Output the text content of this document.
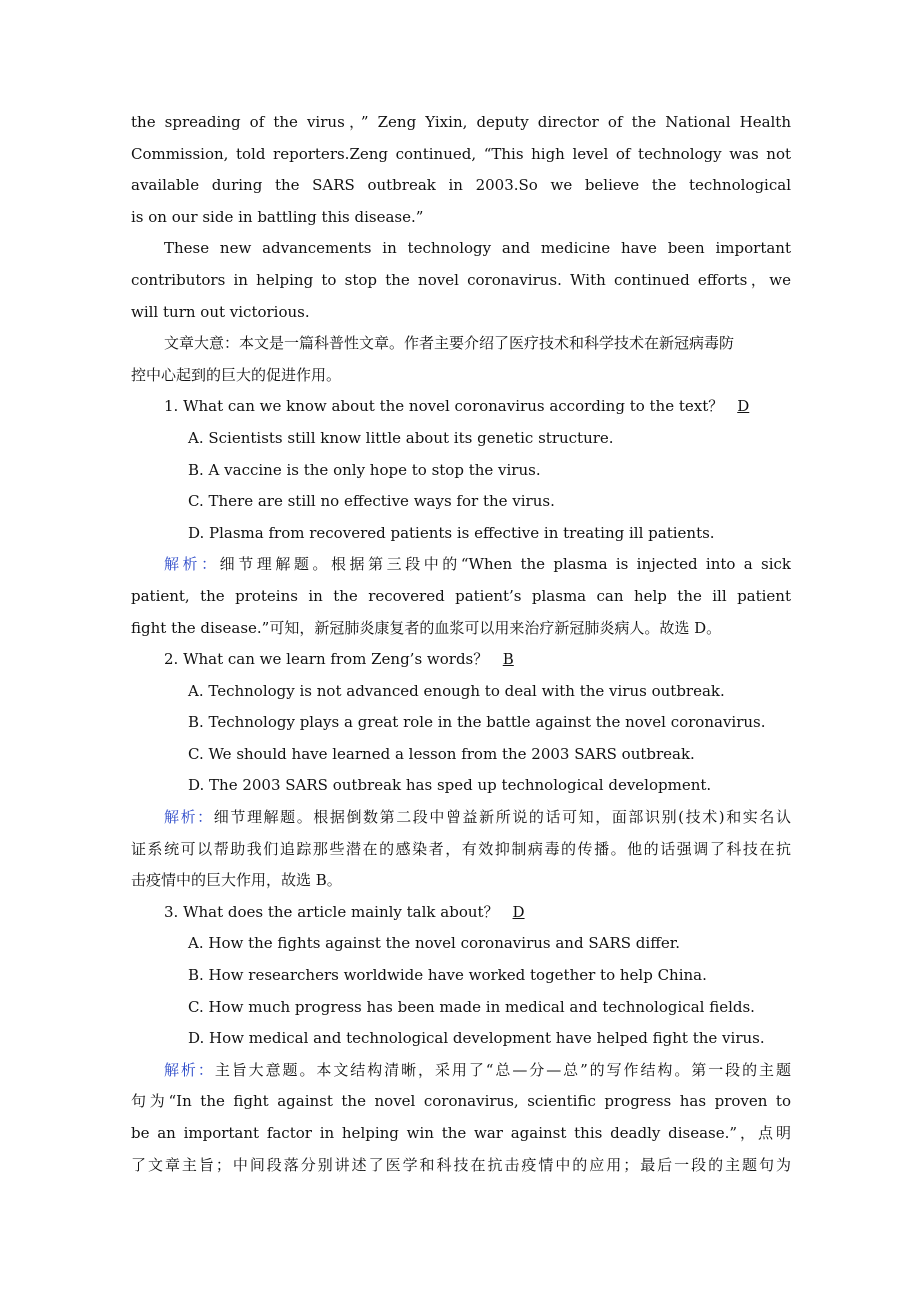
the spreading of the virus，” Zeng Yixin, deputy director of the National Health
Commission, told reporters.Zeng continued, “This high level of technology was not
available during the SARS outbreak in 2003.So we believe the technological
is on our side in battling this disease.”
These new advancements in technology and medicine have been important
contributors in helping to stop the novel coronavirus. With continued efforts，we
will turn out victorious.
文章大意：本文是一篇科普性文章。作者主要介绍了医疗技术和科学技术在新冠病毒防
控中心起到的巨大的促进作用。
1. What can we know about the novel coronavirus according to the text？ D
A. Scientists still know little about its genetic structure.
B. A vaccine is the only hope to stop the virus.
C. There are still no effective ways for the virus.
D. Plasma from recovered patients is effective in treating ill patients.
解析：细节理解题。根据第三段中的“When the plasma is injected into a sick
patient, the proteins in the recovered patient’s plasma can help the ill patient
fight the disease.”可知，新冠肺炎康复者的血浆可以用来治疗新冠肺炎病人。故选 D。
2. What can we learn from Zeng’s words？ B
A. Technology is not advanced enough to deal with the virus outbreak.
B. Technology plays a great role in the battle against the novel coronavirus.
C. We should have learned a lesson from the 2003 SARS outbreak.
D. The 2003 SARS outbreak has sped up technological development.
解析：细节理解题。根据倒数第二段中曾益新所说的话可知，面部识别(技术)和实名认
证系统可以帮助我们追踪那些潜在的感染者，有效抑制病毒的传播。他的话强调了科技在抗
击疫情中的巨大作用，故选 B。
3. What does the article mainly talk about？ D
A. How the fights against the novel coronavirus and SARS differ.
B. How researchers worldwide have worked together to help China.
C. How much progress has been made in medical and technological fields.
D. How medical and technological development have helped fight the virus.
解析：主旨大意题。本文结构清晰，采用了“总—分—总”的写作结构。第一段的主题
句为“In the fight against the novel coronavirus, scientific progress has proven to
be an important factor in helping win the war against this deadly disease.”，点明
了文章主旨；中间段落分别讲述了医学和科技在抗击疫情中的应用；最后一段的主题句为
